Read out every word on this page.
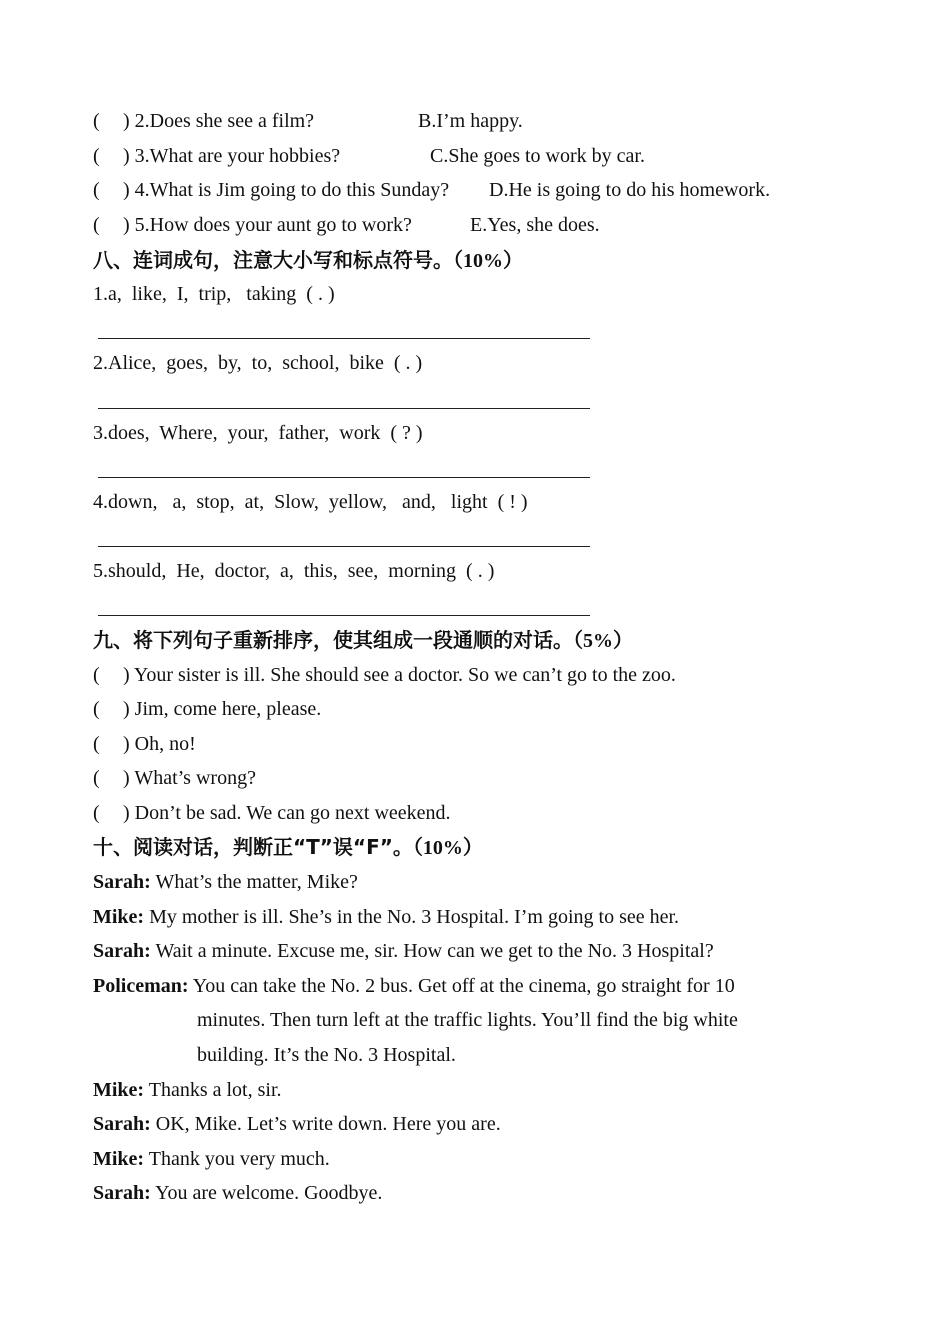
( ) 2.Does she see a film?	B.I’m happy.
( ) 3.What are your hobbies?	C.She goes to work by car.
( ) 4.What is Jim going to do this Sunday? D.He is going to do his homework.
( ) 5.How does your aunt go to work?	E.Yes, she does.
八、连词成句，注意大小写和标点符号。（10%）
1.a,  like,  I,  trip,   taking  ( . )
2.Alice,  goes,  by,  to,  school,  bike  ( . )
3.does,  Where,  your,  father,  work  ( ? )
4.down,   a,  stop,  at,  Slow,  yellow,   and,   light  ( ! )
5.should,  He,  doctor,  a,  this,  see,  morning  ( . )
九、将下列句子重新排序，使其组成一段通顺的对话。（5%）
( ) Your sister is ill. She should see a doctor. So we can’t go to the zoo.
( ) Jim, come here, please.
( ) Oh, no!
( ) What’s wrong?
( ) Don’t be sad. We can go next weekend.
十、阅读对话，判断正“T”误“F”。（10%）
Sarah: What’s the matter, Mike?
Mike: My mother is ill. She’s in the No. 3 Hospital. I’m going to see her.
Sarah: Wait a minute. Excuse me, sir. How can we get to the No. 3 Hospital?
Policeman: You can take the No. 2 bus. Get off at the cinema, go straight for 10
minutes. Then turn left at the traffic lights. You’ll find the big white
building. It’s the No. 3 Hospital.
Mike: Thanks a lot, sir.
Sarah: OK, Mike. Let’s write down. Here you are.
Mike: Thank you very much.
Sarah: You are welcome. Goodbye.
